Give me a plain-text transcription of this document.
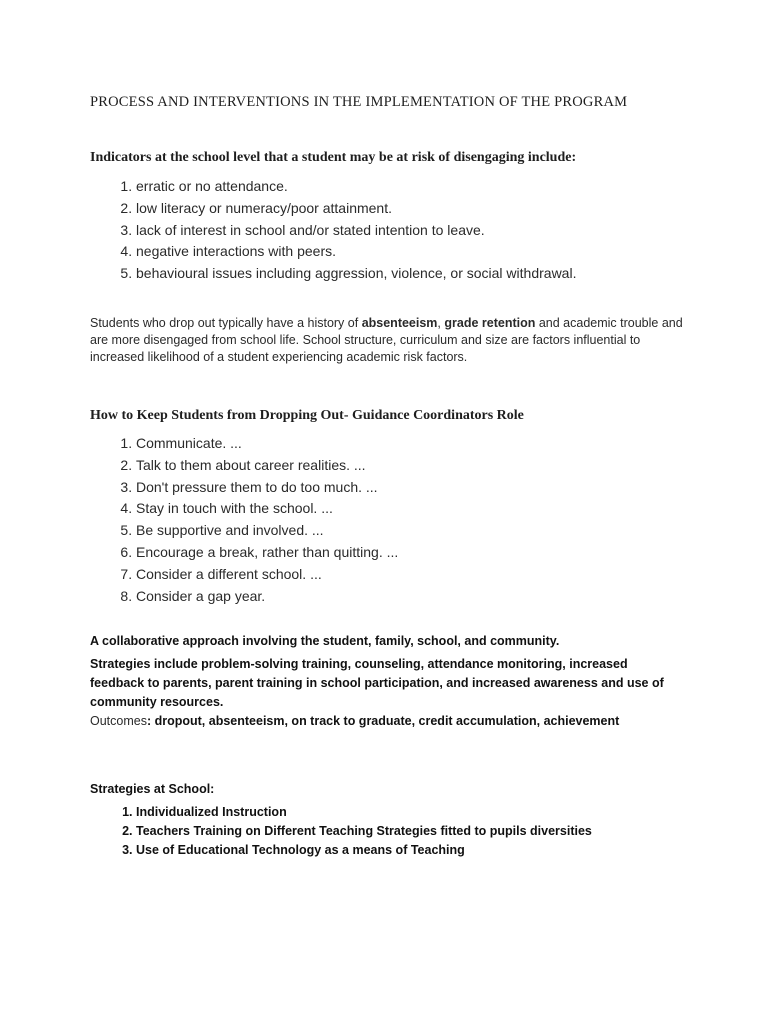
PROCESS AND INTERVENTIONS IN THE IMPLEMENTATION OF THE PROGRAM
Indicators at the school level that a student may be at risk of disengaging include:
1. erratic or no attendance.
2. low literacy or numeracy/poor attainment.
3. lack of interest in school and/or stated intention to leave.
4. negative interactions with peers.
5. behavioural issues including aggression, violence, or social withdrawal.

Students who drop out typically have a history of absenteeism, grade retention and academic trouble and are more disengaged from school life. School structure, curriculum and size are factors influential to increased likelihood of a student experiencing academic risk factors.

How to Keep Students from Dropping Out- Guidance Coordinators Role
1. Communicate. ...
2. Talk to them about career realities. ...
3. Don't pressure them to do too much. ...
4. Stay in touch with the school. ...
5. Be supportive and involved. ...
6. Encourage a break, rather than quitting. ...
7. Consider a different school. ...
8. Consider a gap year.

A collaborative approach involving the student, family, school, and community.

Strategies include problem-solving training, counseling, attendance monitoring, increased feedback to parents, parent training in school participation, and increased awareness and use of community resources.

Outcomes: dropout, absenteeism, on track to graduate, credit accumulation, achievement

Strategies at School:

1. Individualized Instruction
2. Teachers Training on Different Teaching Strategies fitted to pupils diversities
3. Use of Educational Technology as a means of Teaching
